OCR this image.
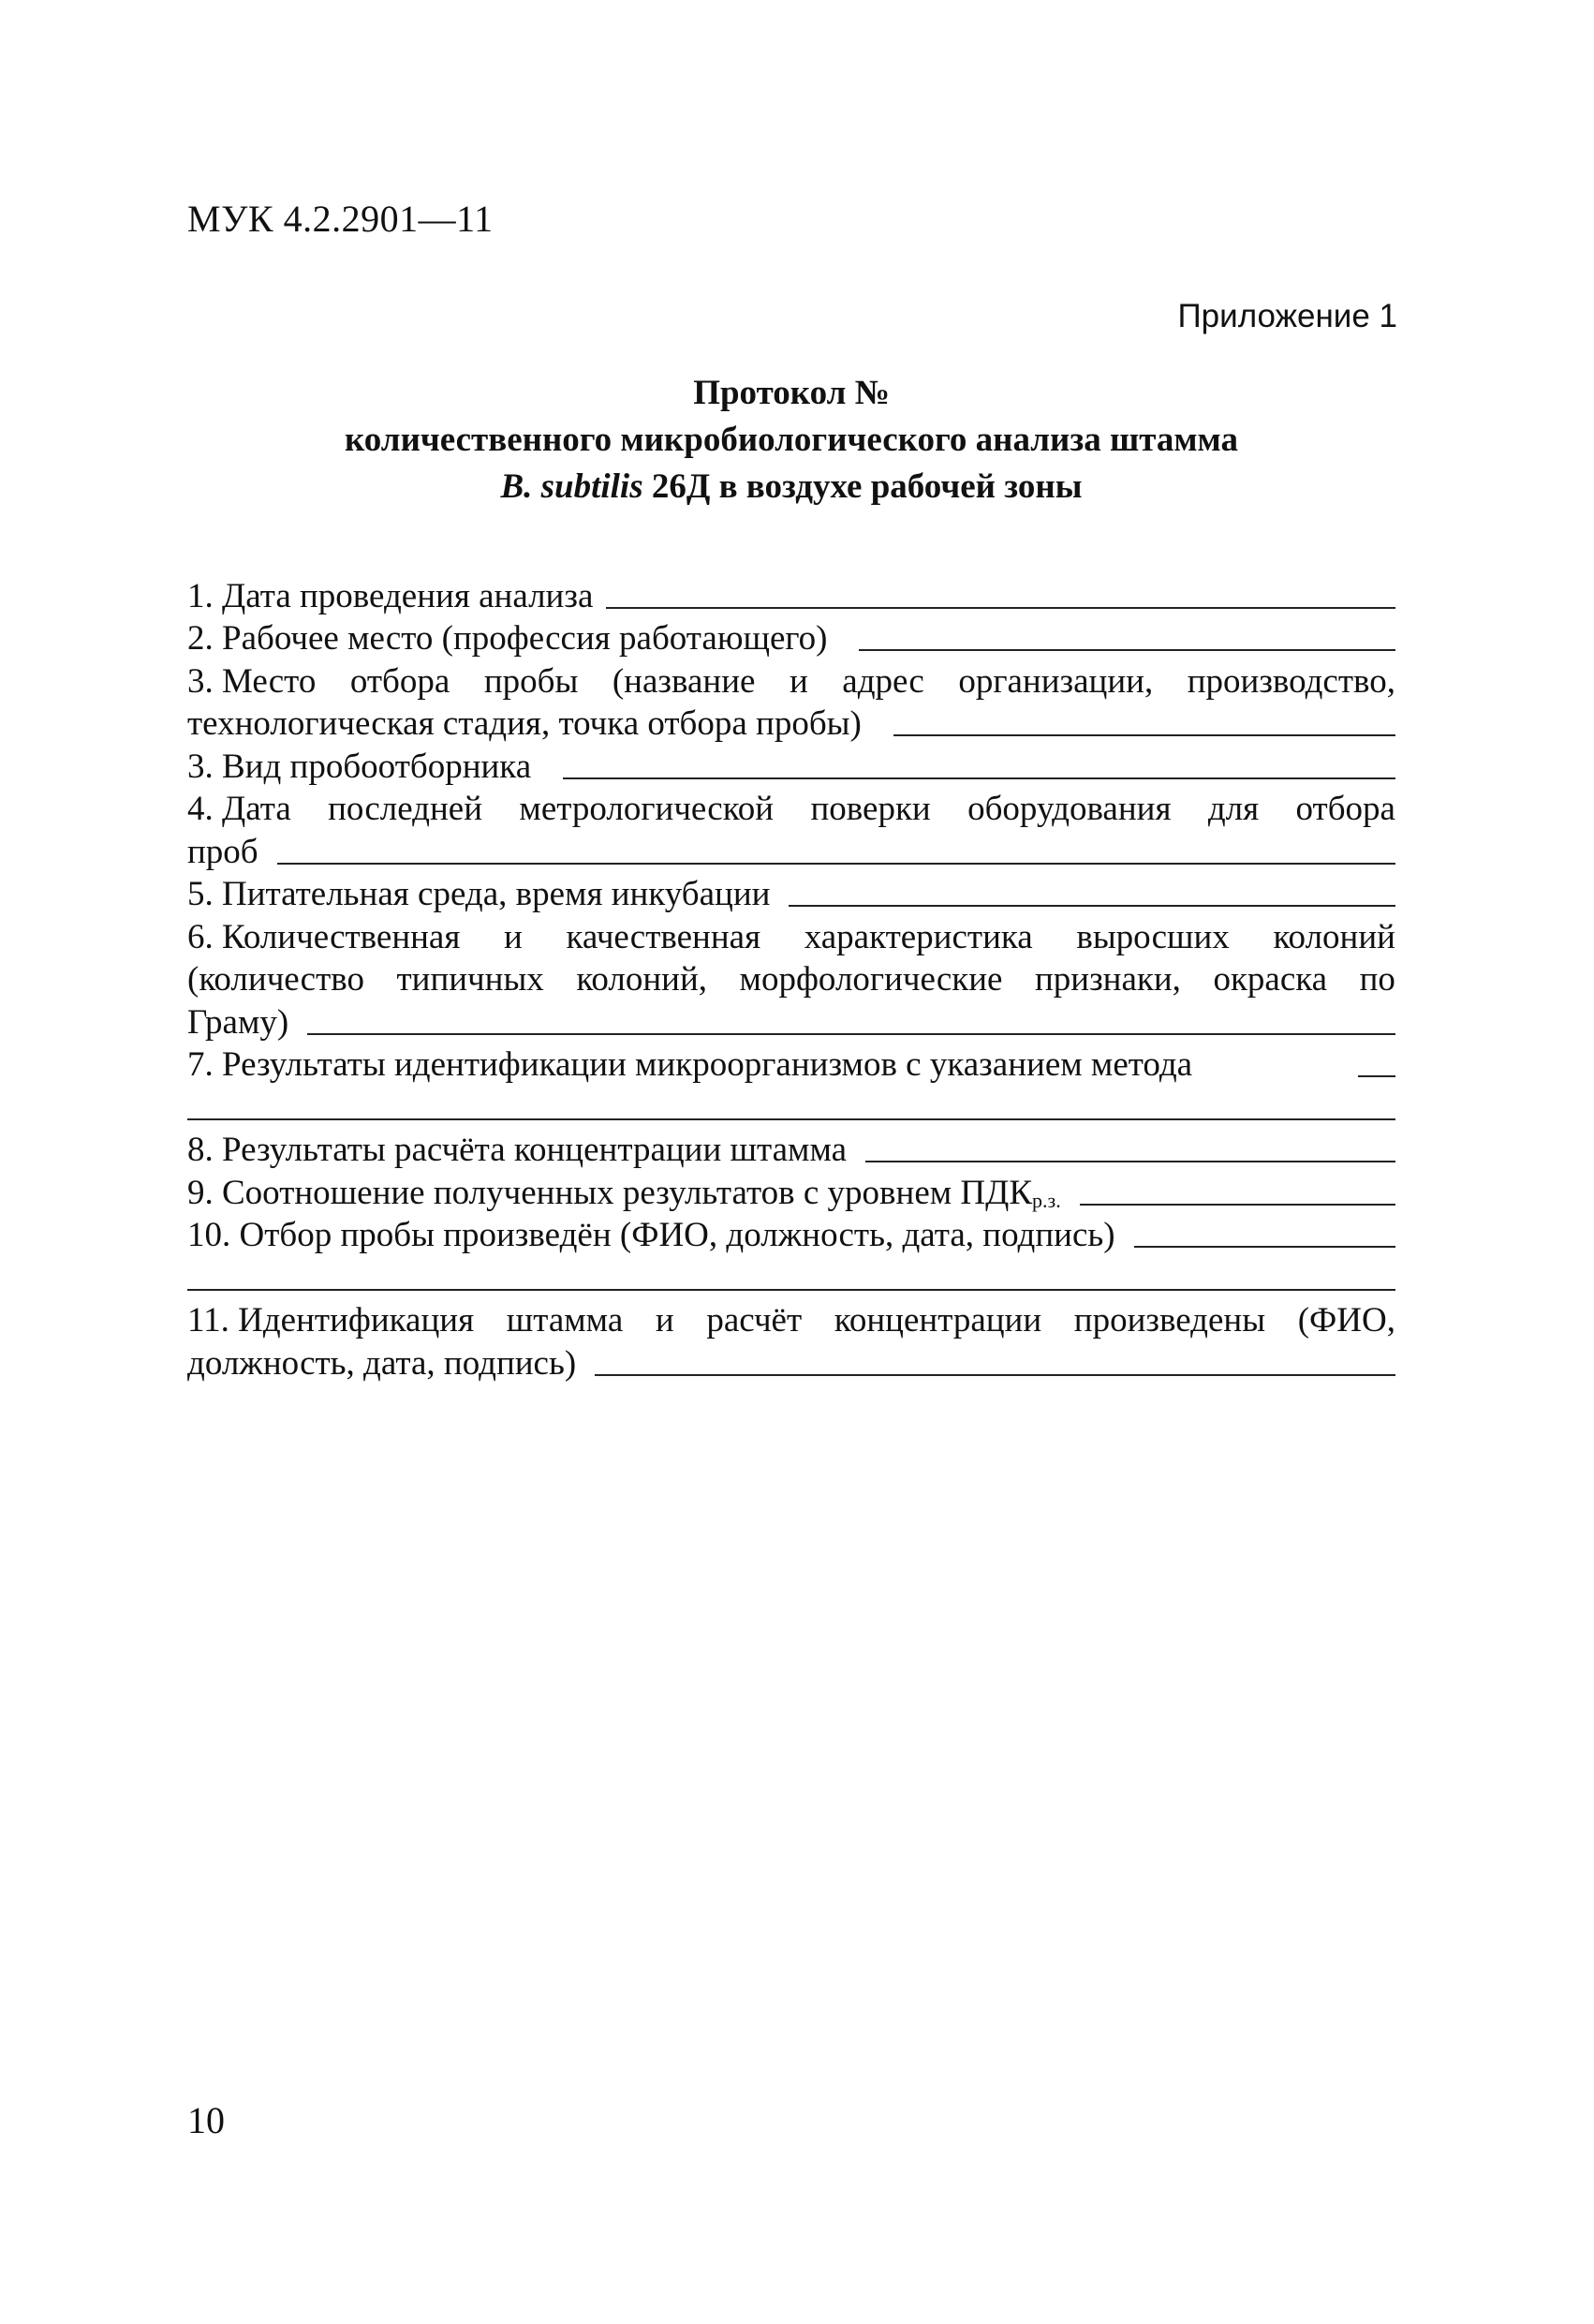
МУК 4.2.2901—11
Приложение 1
Протокол №
количественного микробиологического анализа штамма
B. subtilis 26Д в воздухе рабочей зоны
1. Дата проведения анализа
2. Рабочее место (профессия работающего)
3. Место отбора пробы (название и адрес организации, производство,
технологическая стадия, точка отбора пробы)
3. Вид пробоотборника
4. Дата последней метрологической поверки оборудования для отбора
проб
5. Питательная среда, время инкубации
6. Количественная и качественная характеристика выросших колоний
(количество типичных колоний, морфологические признаки, окраска по
Граму)
7. Результаты идентификации микроорганизмов с указанием метода
8. Результаты расчёта концентрации штамма
9. Соотношение полученных результатов с уровнем $ПДК_{р.з.}$
10. Отбор пробы произведён (ФИО, должность, дата, подпись)
11. Идентификация штамма и расчёт концентрации произведены (ФИО,
должность, дата, подпись)
10
